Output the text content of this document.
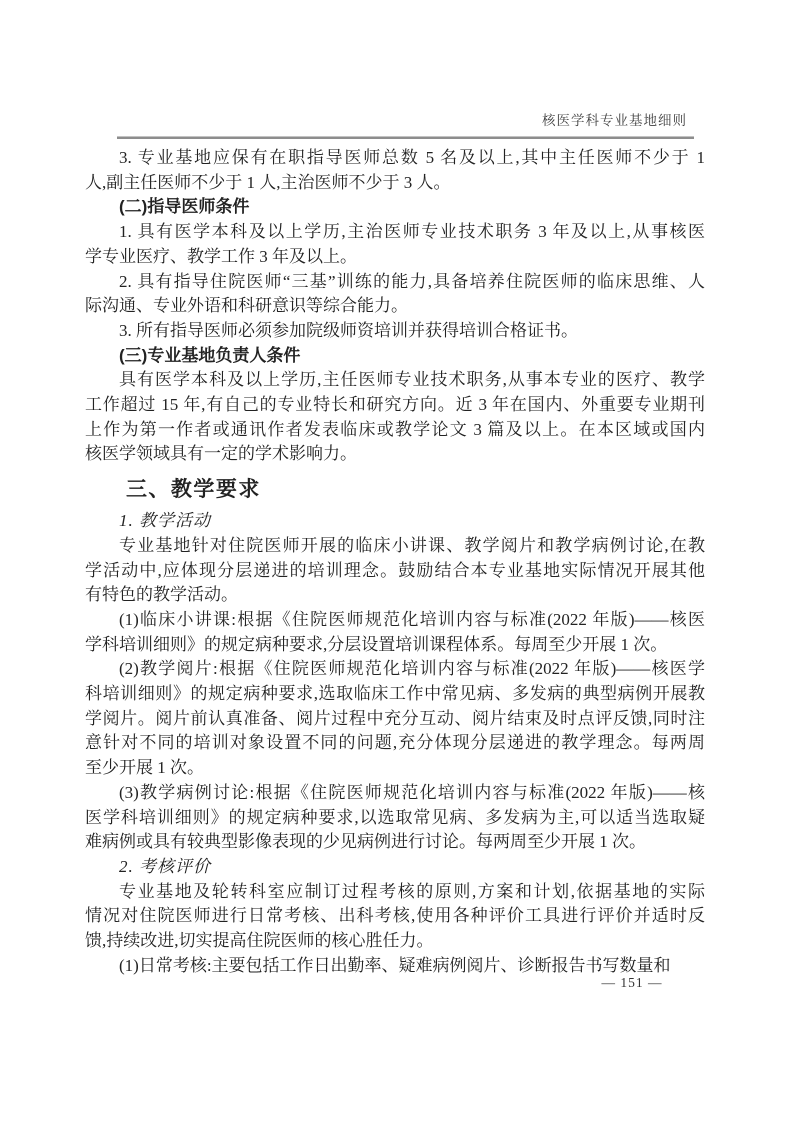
核医学科专业基地细则
3. 专业基地应保有在职指导医师总数 5 名及以上,其中主任医师不少于 1
人,副主任医师不少于 1 人,主治医师不少于 3 人。
(二)指导医师条件
1. 具有医学本科及以上学历,主治医师专业技术职务 3 年及以上,从事核医
学专业医疗、教学工作 3 年及以上。
2. 具有指导住院医师“三基”训练的能力,具备培养住院医师的临床思维、人
际沟通、专业外语和科研意识等综合能力。
3. 所有指导医师必须参加院级师资培训并获得培训合格证书。
(三)专业基地负责人条件
具有医学本科及以上学历,主任医师专业技术职务,从事本专业的医疗、教学
工作超过 15 年,有自己的专业特长和研究方向。近 3 年在国内、外重要专业期刊
上作为第一作者或通讯作者发表临床或教学论文 3 篇及以上。在本区域或国内
核医学领域具有一定的学术影响力。
三、教学要求
1. 教学活动
专业基地针对住院医师开展的临床小讲课、教学阅片和教学病例讨论,在教
学活动中,应体现分层递进的培训理念。鼓励结合本专业基地实际情况开展其他
有特色的教学活动。
(1)临床小讲课:根据《住院医师规范化培训内容与标准(2022 年版)——核医
学科培训细则》的规定病种要求,分层设置培训课程体系。每周至少开展 1 次。
(2)教学阅片:根据《住院医师规范化培训内容与标准(2022 年版)——核医学
科培训细则》的规定病种要求,选取临床工作中常见病、多发病的典型病例开展教
学阅片。阅片前认真准备、阅片过程中充分互动、阅片结束及时点评反馈,同时注
意针对不同的培训对象设置不同的问题,充分体现分层递进的教学理念。每两周
至少开展 1 次。
(3)教学病例讨论:根据《住院医师规范化培训内容与标准(2022 年版)——核
医学科培训细则》的规定病种要求,以选取常见病、多发病为主,可以适当选取疑
难病例或具有较典型影像表现的少见病例进行讨论。每两周至少开展 1 次。
2. 考核评价
专业基地及轮转科室应制订过程考核的原则,方案和计划,依据基地的实际
情况对住院医师进行日常考核、出科考核,使用各种评价工具进行评价并适时反
馈,持续改进,切实提高住院医师的核心胜任力。
(1)日常考核:主要包括工作日出勤率、疑难病例阅片、诊断报告书写数量和
— 151 —
